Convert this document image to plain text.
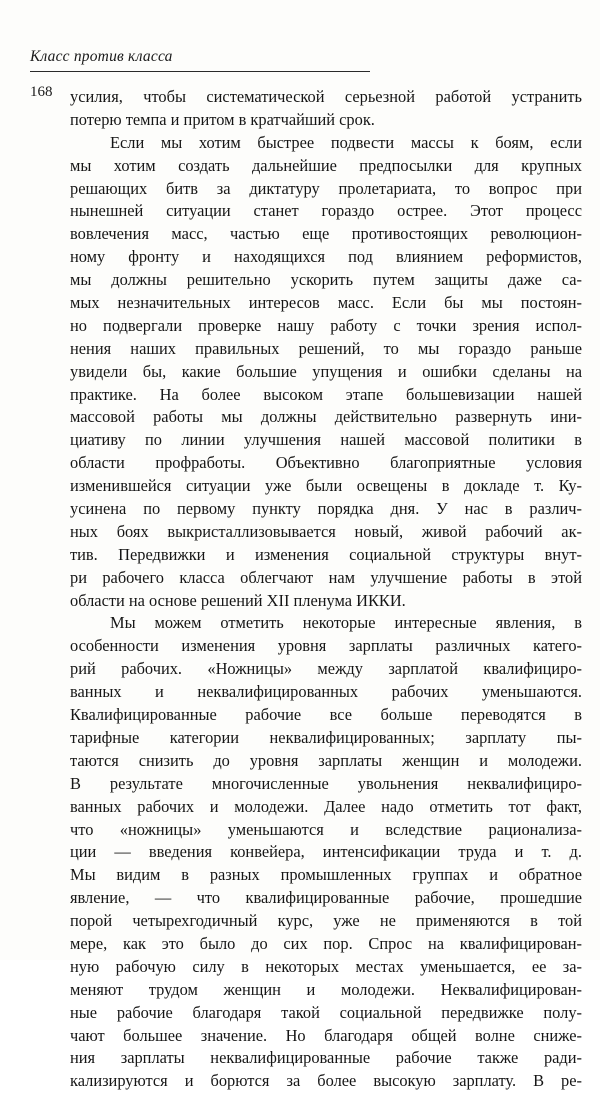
Класс против класса
168 усилия, чтобы систематической серьезной работой устранить
потерю темпа и притом в кратчайший срок.
Если мы хотим быстрее подвести массы к боям, если
мы хотим создать дальнейшие предпосылки для крупных
решающих битв за диктатуру пролетариата, то вопрос при
нынешней ситуации станет гораздо острее. Этот процесс
вовлечения масс, частью еще противостоящих революцион-
ному фронту и находящихся под влиянием реформистов,
мы должны решительно ускорить путем защиты даже са-
мых незначительных интересов масс. Если бы мы постоян-
но подвергали проверке нашу работу с точки зрения испол-
нения наших правильных решений, то мы гораздо раньше
увидели бы, какие большие упущения и ошибки сделаны на
практике. На более высоком этапе большевизации нашей
массовой работы мы должны действительно развернуть ини-
циативу по линии улучшения нашей массовой политики в
области профработы. Объективно благоприятные условия
изменившейся ситуации уже были освещены в докладе т. Ку-
усинена по первому пункту порядка дня. У нас в различ-
ных боях выкристаллизовывается новый, живой рабочий ак-
тив. Передвижки и изменения социальной структуры внут-
ри рабочего класса облегчают нам улучшение работы в этой
области на основе решений XII пленума ИККИ.
Мы можем отметить некоторые интересные явления, в
особенности изменения уровня зарплаты различных катего-
рий рабочих. «Ножницы» между зарплатой квалифициро-
ванных и неквалифицированных рабочих уменьшаются.
Квалифицированные рабочие все больше переводятся в
тарифные категории неквалифицированных; зарплату пы-
таются снизить до уровня зарплаты женщин и молодежи.
В результате многочисленные увольнения неквалифициро-
ванных рабочих и молодежи. Далее надо отметить тот факт,
что «ножницы» уменьшаются и вследствие рационализа-
ции — введения конвейера, интенсификации труда и т. д.
Мы видим в разных промышленных группах и обратное
явление, — что квалифицированные рабочие, прошедшие
порой четырехгодичный курс, уже не применяются в той
мере, как это было до сих пор. Спрос на квалифицирован-
ную рабочую силу в некоторых местах уменьшается, ее за-
меняют трудом женщин и молодежи. Неквалифицирован-
ные рабочие благодаря такой социальной передвижке полу-
чают большее значение. Но благодаря общей волне сниже-
ния зарплаты неквалифицированные рабочие также ради-
кализируются и борются за более высокую зарплату. В ре-
